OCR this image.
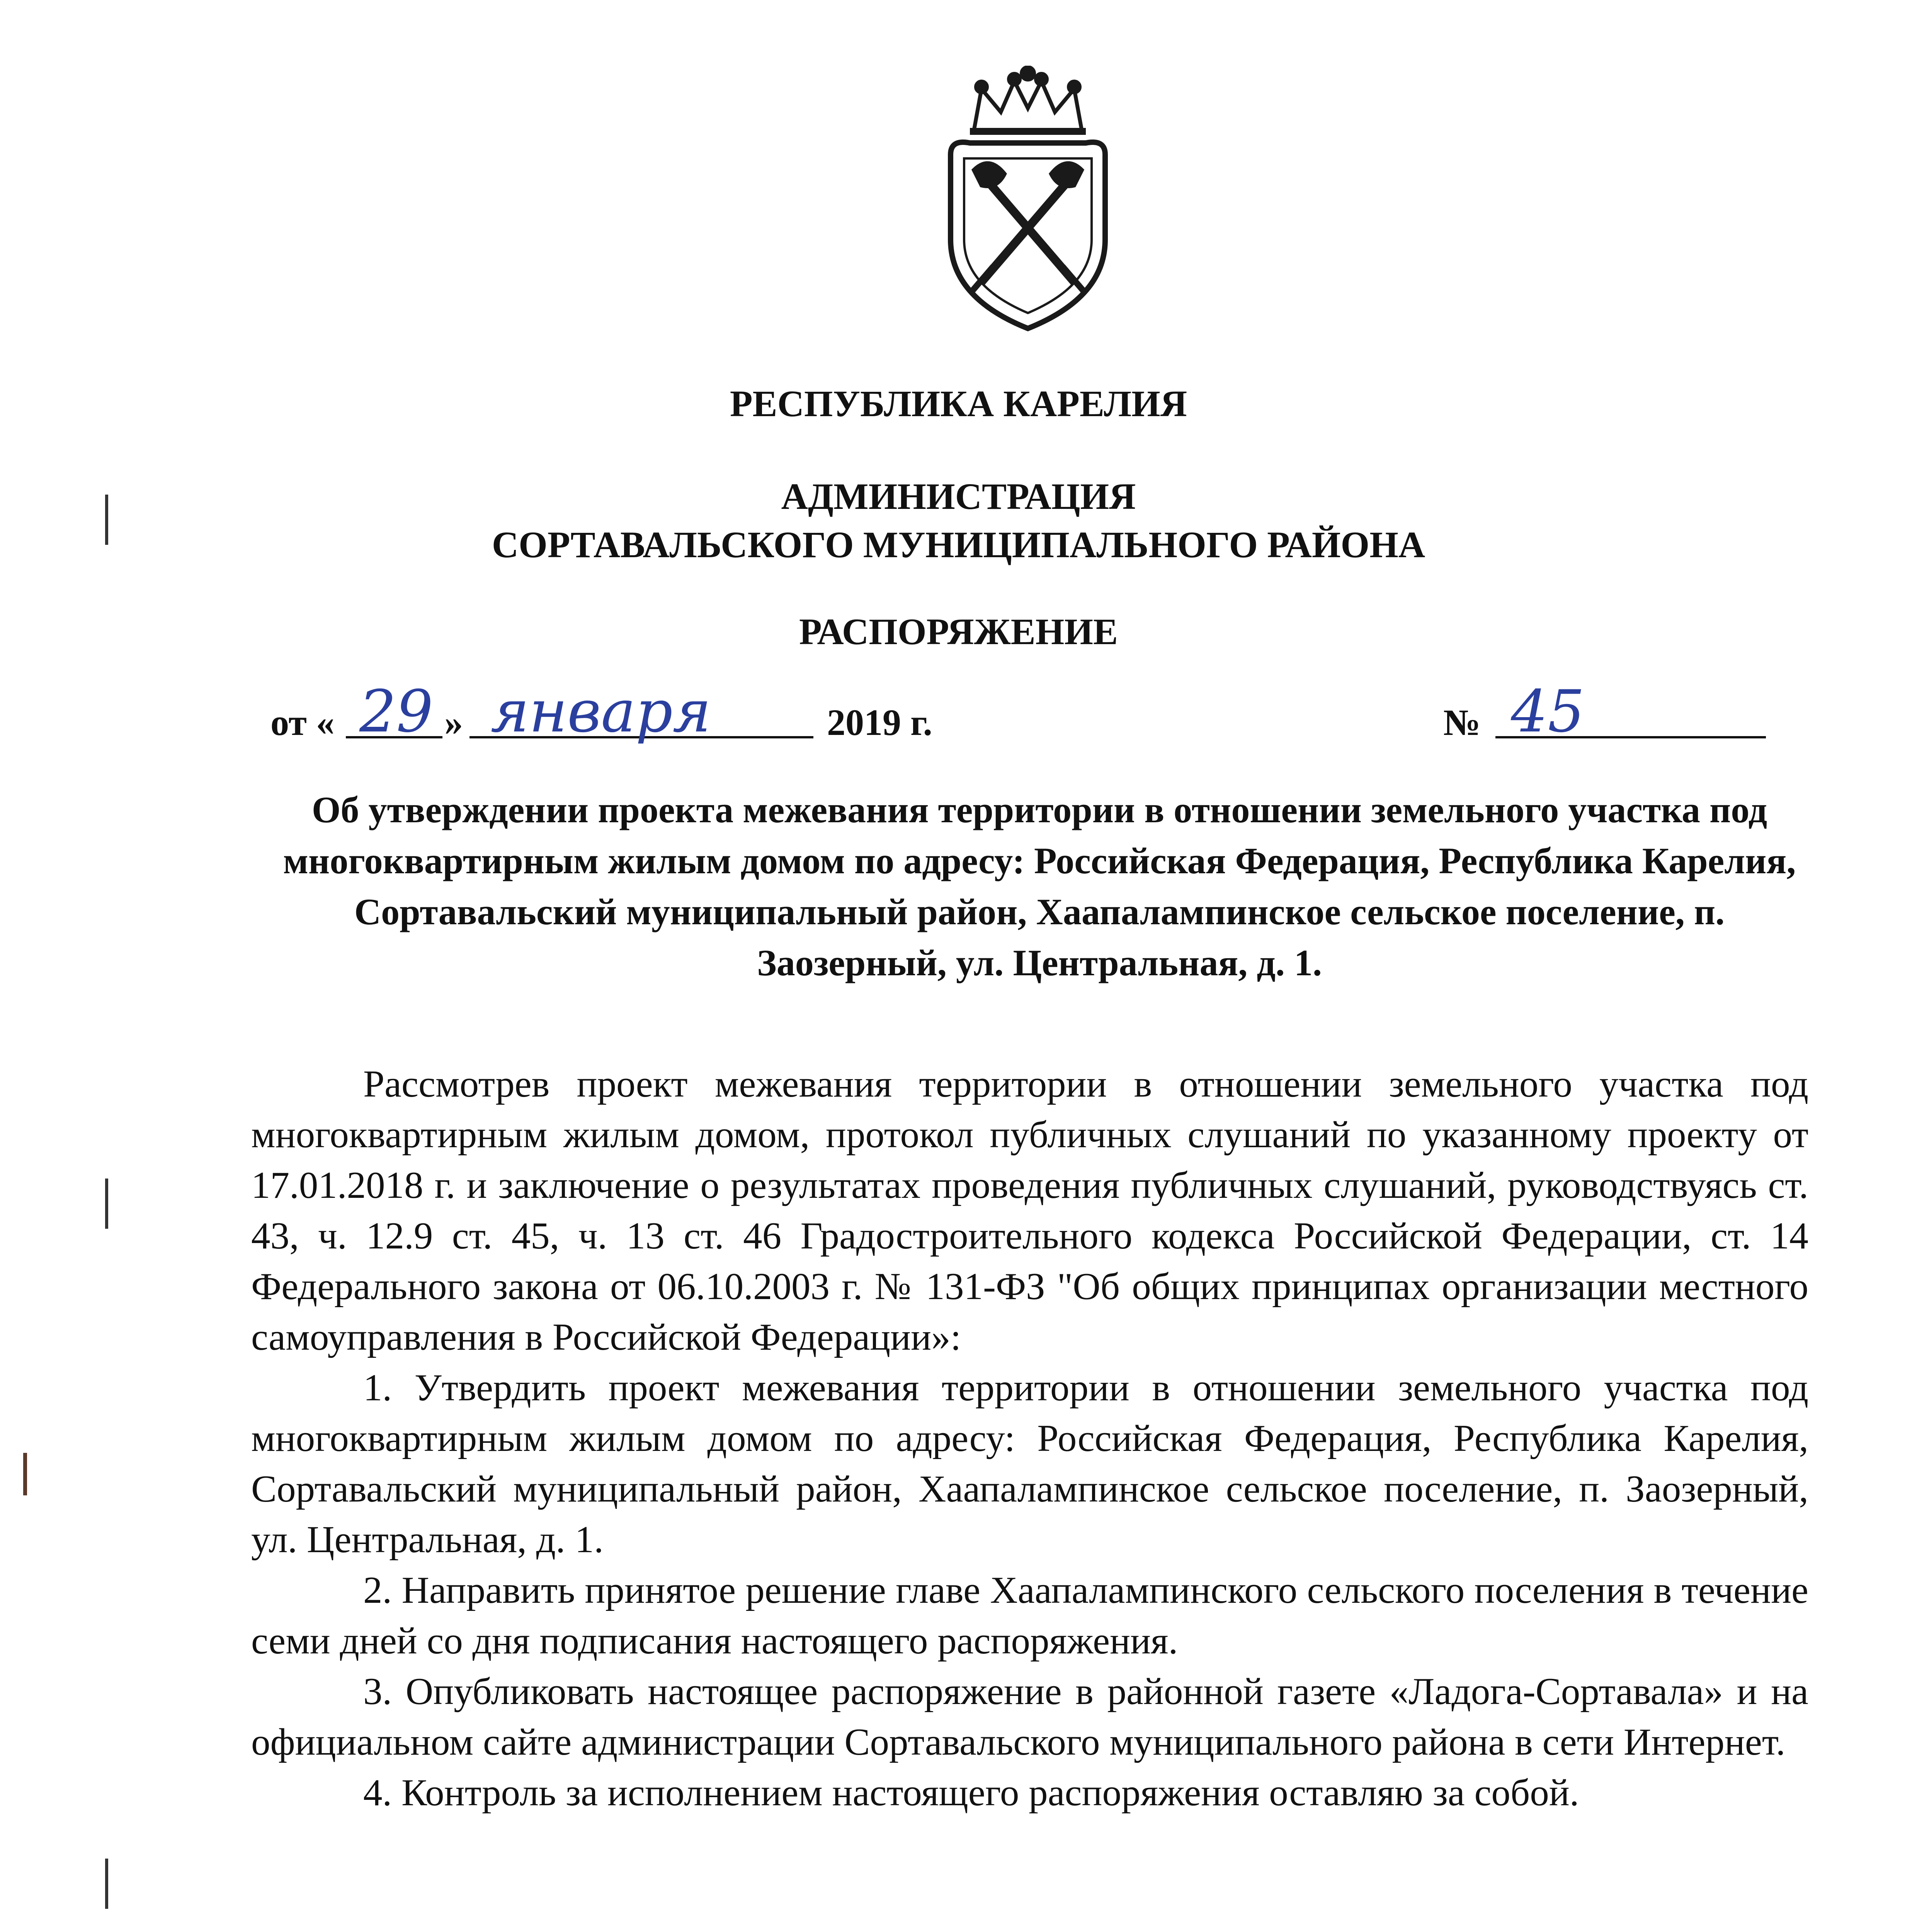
РЕСПУБЛИКА КАРЕЛИЯ
АДМИНИСТРАЦИЯ
СОРТАВАЛЬСКОГО МУНИЦИПАЛЬНОГО РАЙОНА
РАСПОРЯЖЕНИЕ
от « 29 » января	2019 г.	№ 45
Об утверждении проекта межевания территории в отношении земельного участка под многоквартирным жилым домом по адресу: Российская Федерация, Республика Карелия, Сортавальский муниципальный район, Хаапалампинское сельское поселение, п. Заозерный, ул. Центральная, д. 1.

Рассмотрев проект межевания территории в отношении земельного участка под многоквартирным жилым домом, протокол публичных слушаний по указанному проекту от 17.01.2018 г. и заключение о результатах проведения публичных слушаний, руководствуясь ст. 43, ч. 12.9 ст. 45, ч. 13 ст. 46 Градостроительного кодекса Российской Федерации, ст. 14 Федерального закона от 06.10.2003 г. № 131-ФЗ "Об общих принципах организации местного самоуправления в Российской Федерации»:

1. Утвердить проект межевания территории в отношении земельного участка под многоквартирным жилым домом по адресу: Российская Федерация, Республика Карелия, Сортавальский муниципальный район, Хаапалампинское сельское поселение, п. Заозерный, ул. Центральная, д. 1.

2. Направить принятое решение главе Хаапалампинского сельского поселения в течение семи дней со дня подписания настоящего распоряжения.

3. Опубликовать настоящее распоряжение в районной газете «Ладога-Сортавала» и на официальном сайте администрации Сортавальского муниципального района в сети Интернет.

4. Контроль за исполнением настоящего распоряжения оставляю за собой.
